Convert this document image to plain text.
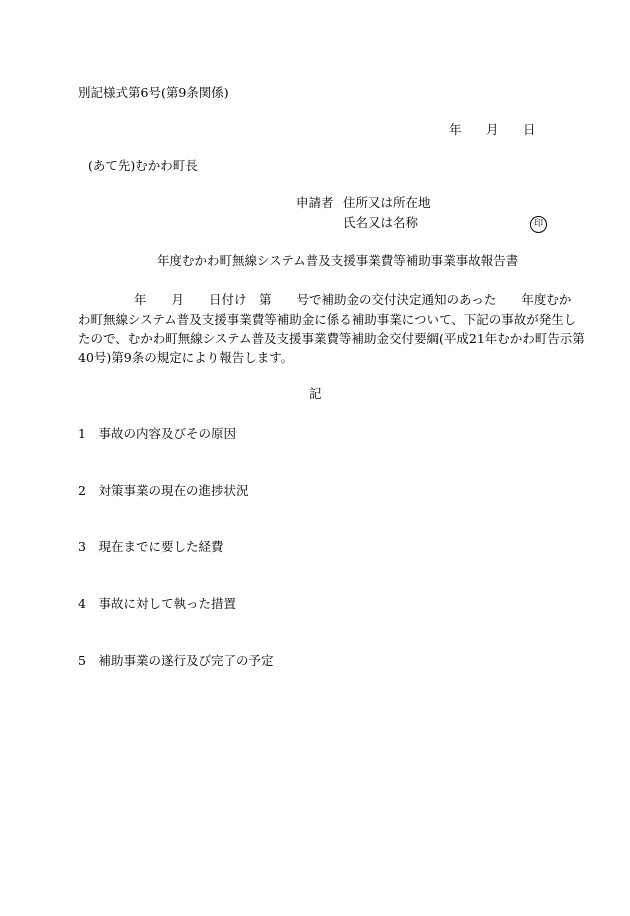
別記様式第6号(第9条関係)
年 月 日
(あて先)むかわ町長
申請者 住所又は所在地
氏名又は名称	印
年度むかわ町無線システム普及支援事業費等補助事業事故報告書
年　　月　　日付け　第　　号で補助金の交付決定通知のあった　　年度むか
わ町無線システム普及支援事業費等補助金に係る補助事業について、下記の事故が発生し
たので、むかわ町無線システム普及支援事業費等補助金交付要綱(平成21年むかわ町告示第
40号)第9条の規定により報告します。
記
1　事故の内容及びその原因
2　対策事業の現在の進捗状況
3　現在までに要した経費
4　事故に対して執った措置
5　補助事業の遂行及び完了の予定
